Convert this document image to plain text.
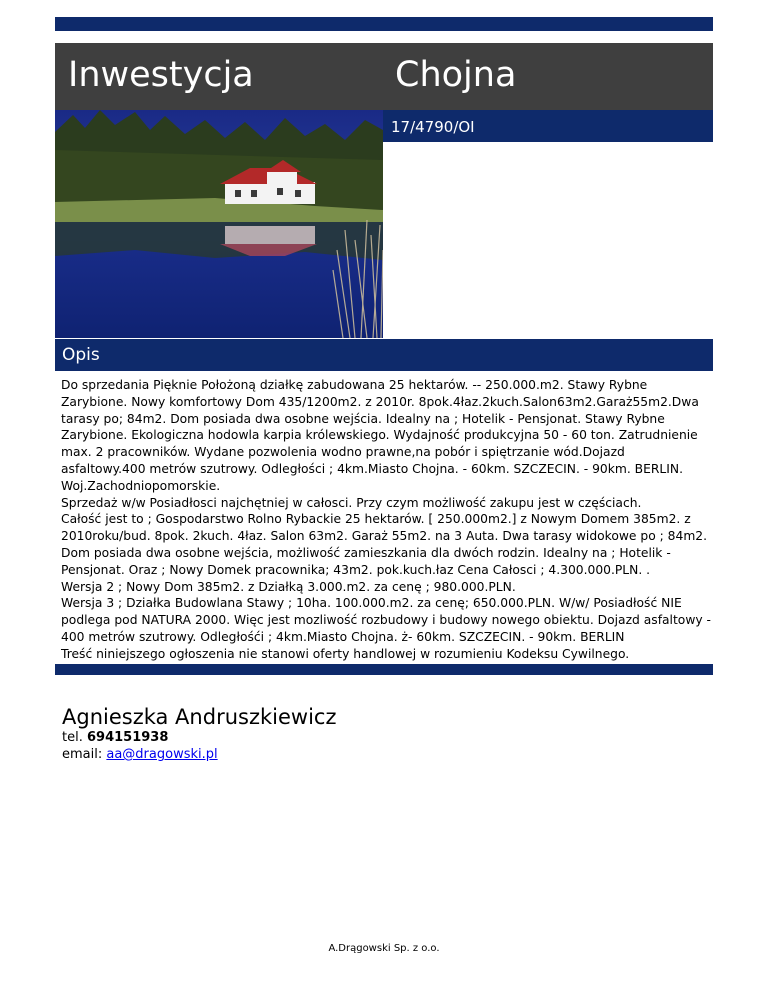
Inwestycja	Chojna
17/4790/OI
Opis

Do sprzedania Pięknie Położoną działkę zabudowana 25 hektarów. -- 250.000.m2. Stawy Rybne Zarybione. Nowy komfortowy Dom 435/1200m2. z 2010r. 8pok.4łaz.2kuch.Salon63m2.Garaż55m2.Dwa tarasy po; 84m2. Dom posiada dwa osobne wejścia. Idealny na ; Hotelik - Pensjonat. Stawy Rybne Zarybione. Ekologiczna hodowla karpia królewskiego. Wydajność produkcyjna 50 - 60 ton. Zatrudnienie max. 2 pracowników. Wydane pozwolenia wodno prawne,na pobór i spiętrzanie wód.Dojazd asfaltowy.400 metrów szutrowy. Odległości ; 4km.Miasto Chojna. - 60km. SZCZECIN. - 90km. BERLIN. Woj.Zachodniopomorskie.

Sprzedaż w/w Posiadłosci najchętniej w całosci. Przy czym możliwość zakupu jest w częściach.

Całość jest to ; Gospodarstwo Rolno Rybackie 25 hektarów. [ 250.000m2.] z Nowym Domem 385m2. z 2010roku/bud. 8pok. 2kuch. 4łaz. Salon 63m2. Garaż 55m2. na 3 Auta. Dwa tarasy widokowe po ; 84m2. Dom posiada dwa osobne wejścia, możliwość zamieszkania dla dwóch rodzin. Idealny na ; Hotelik - Pensjonat. Oraz ; Nowy Domek pracownika; 43m2. pok.kuch.łaz Cena Całosci ; 4.300.000.PLN. .

Wersja 2 ; Nowy Dom 385m2. z Działką 3.000.m2. za cenę ; 980.000.PLN.

Wersja 3 ; Działka Budowlana Stawy ; 10ha. 100.000.m2. za cenę; 650.000.PLN. W/w/ Posiadłość NIE podlega pod NATURA 2000. Więc jest mozliwość rozbudowy i budowy nowego obiektu. Dojazd asfaltowy - 400 metrów szutrowy. Odległośći ; 4km.Miasto Chojna. ż- 60km. SZCZECIN. - 90km. BERLIN

Treść niniejszego ogłoszenia nie stanowi oferty handlowej w rozumieniu Kodeksu Cywilnego.

Agnieszka Andruszkiewicz
tel. 694151938
email: aa@dragowski.pl
A.Drągowski Sp. z o.o.
